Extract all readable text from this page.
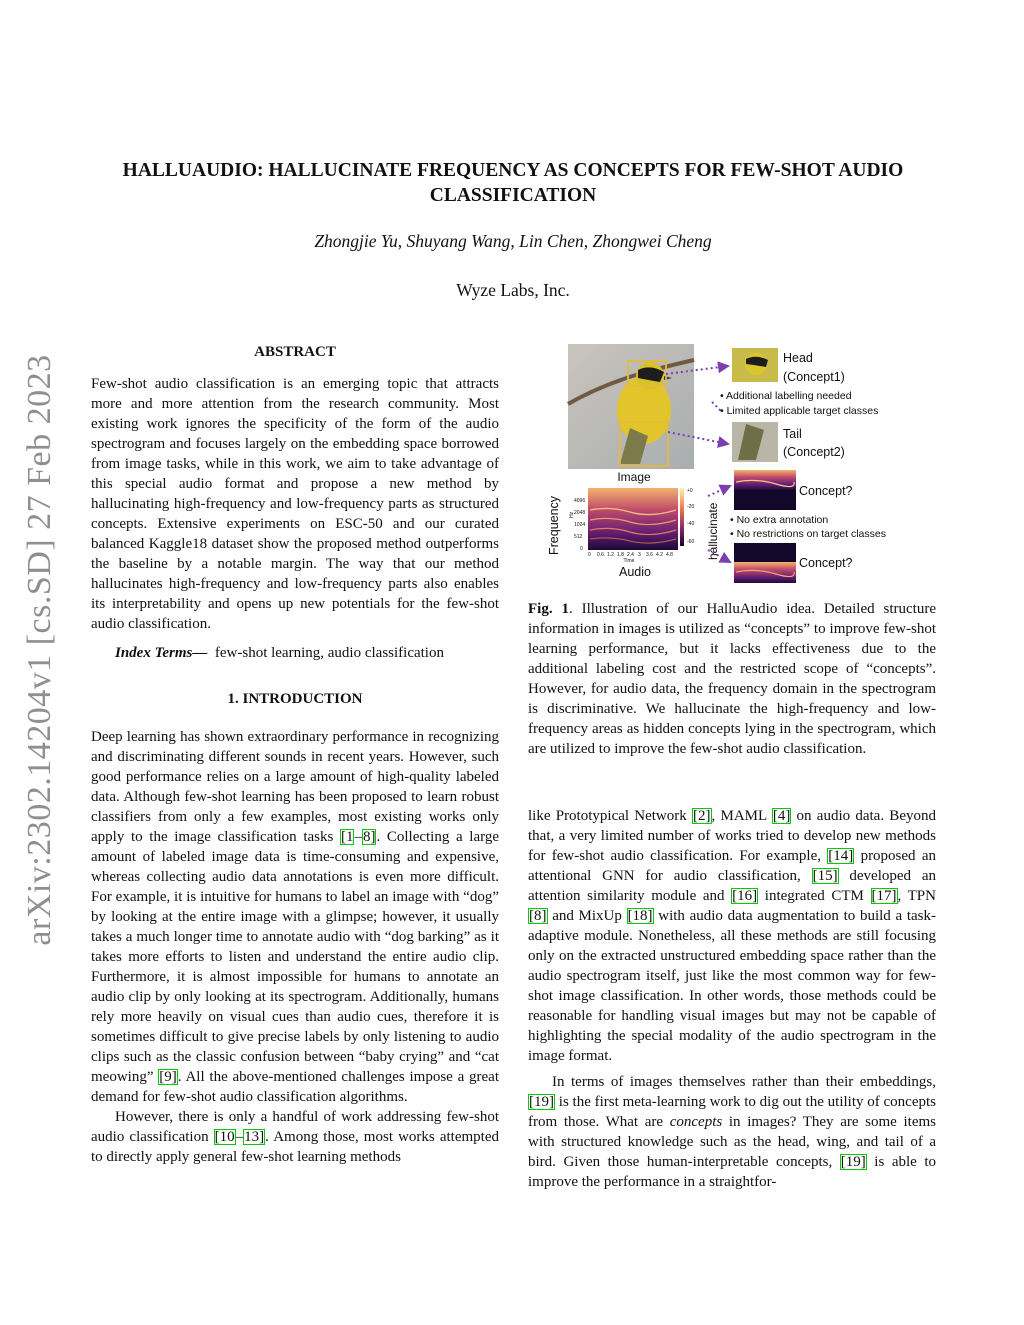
arXiv:2302.14204v1 [cs.SD] 27 Feb 2023
HALLUAUDIO: HALLUCINATE FREQUENCY AS CONCEPTS FOR FEW-SHOT AUDIO
CLASSIFICATION
Zhongjie Yu, Shuyang Wang, Lin Chen, Zhongwei Cheng
Wyze Labs, Inc.

ABSTRACT

Few-shot audio classification is an emerging topic that attracts more and more attention from the research community. Most existing work ignores the specificity of the form of the audio spectrogram and focuses largely on the embedding space borrowed from image tasks, while in this work, we aim to take advantage of this special audio format and propose a new method by hallucinating high-frequency and low-frequency parts as structured concepts. Extensive experiments on ESC-50 and our curated balanced Kaggle18 dataset show the proposed method outperforms the baseline by a notable margin. The way that our method hallucinates high-frequency and low-frequency parts also enables its interpretability and opens up new potentials for the few-shot audio classification.

Index Terms— few-shot learning, audio classification

1. INTRODUCTION

Deep learning has shown extraordinary performance in recognizing and discriminating different sounds in recent years. However, such good performance relies on a large amount of high-quality labeled data. Although few-shot learning has been proposed to learn robust classifiers from only a few examples, most existing works only apply to the image classification tasks [1–8]. Collecting a large amount of labeled image data is time-consuming and expensive, whereas collecting audio data annotations is even more difficult. For example, it is intuitive for humans to label an image with “dog” by looking at the entire image with a glimpse; however, it usually takes a much longer time to annotate audio with “dog barking” as it takes more efforts to listen and understand the entire audio clip. Furthermore, it is almost impossible for humans to annotate an audio clip by only looking at its spectrogram. Additionally, humans rely more heavily on visual cues than audio cues, therefore it is sometimes difficult to give precise labels by only listening to audio clips such as the classic confusion between “baby crying” and “cat meowing” [9]. All the above-mentioned challenges impose a great demand for few-shot audio classification algorithms.

However, there is only a handful of work addressing few-shot audio classification [10–13]. Among those, most works attempted to directly apply general few-shot learning methods

Image
Head
(Concept1)
• Additional labelling needed
• Limited applicable target classes
Tail
(Concept2)
Frequency Hz
4096
2048
1024
512
0
0 0.6 1.2 1.8 2.4 3 3.6 4.2 4.8
Time
Audio
+0
-20
-40
-60 hallucinate
Concept?
• No extra annotation
• No restrictions on target classes
Concept?

Fig. 1. Illustration of our HalluAudio idea. Detailed structure information in images is utilized as “concepts” to improve few-shot learning performance, but it lacks effectiveness due to the additional labeling cost and the restricted scope of “concepts”. However, for audio data, the frequency domain in the spectrogram is discriminative. We hallucinate the high-frequency and low-frequency areas as hidden concepts lying in the spectrogram, which are utilized to improve the few-shot audio classification.

like Prototypical Network [2], MAML [4] on audio data. Beyond that, a very limited number of works tried to develop new methods for few-shot audio classification. For example, [14] proposed an attentional GNN for audio classification, [15] developed an attention similarity module and [16] integrated CTM [17], TPN [8] and MixUp [18] with audio data augmentation to build a task-adaptive module. Nonetheless, all these methods are still focusing only on the extracted unstructured embedding space rather than the audio spectrogram itself, just like the most common way for few-shot image classification. In other words, those methods could be reasonable for handling visual images but may not be capable of highlighting the special modality of the audio spectrogram in the image format.

In terms of images themselves rather than their embeddings, [19] is the first meta-learning work to dig out the utility of concepts from those. What are concepts in images? They are some items with structured knowledge such as the head, wing, and tail of a bird. Given those human-interpretable concepts, [19] is able to improve the performance in a straightfor-
